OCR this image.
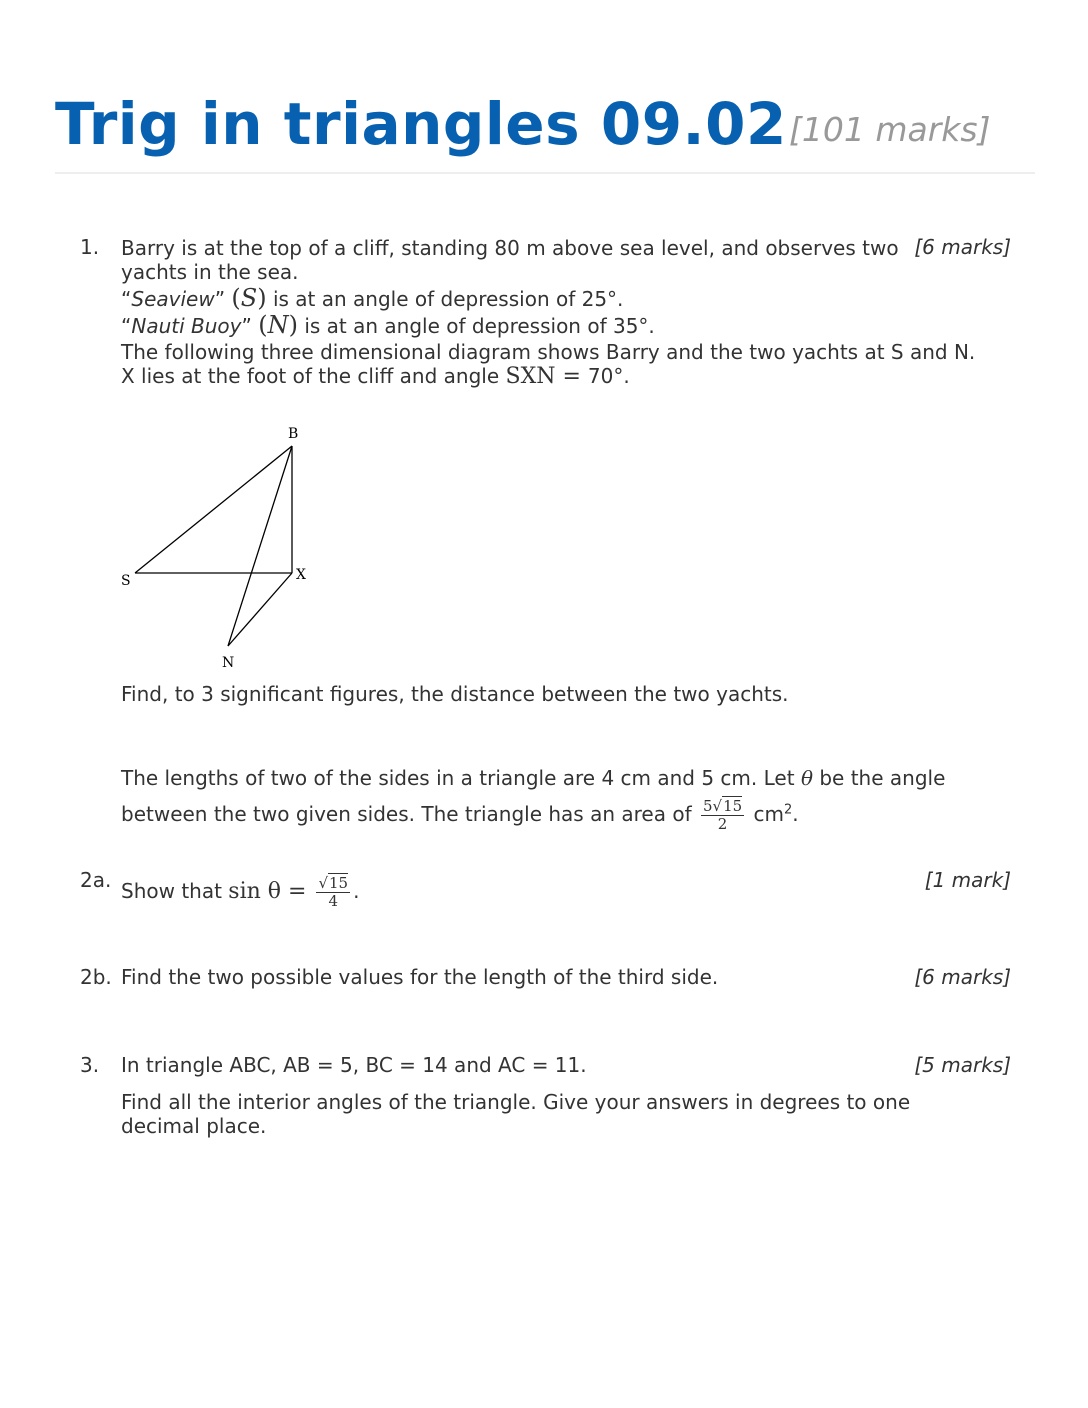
Trig in triangles 09.02 [101 marks]
1. Barry is at the top of a cliff, standing 80 m above sea level, and observes two yachts in the sea.

“Seaview” (S) is at an angle of depression of 25°.

“Nauti Buoy” (N) is at an angle of depression of 35°.

The following three dimensional diagram shows Barry and the two yachts at S and N.

X lies at the foot of the cliff and angle SXN = 70°.

[6 marks]
B
S	X
N
Find, to 3 significant figures, the distance between the two yachts.
The lengths of two of the sides in a triangle are 4 cm and 5 cm. Let θ be the angle between the two given sides. The triangle has an area of $\frac{5√15}{2} cm^2$.
2a. Show that $\sin \theta = \frac{√15}{4}$ .	[1 mark]
2b. Find the two possible values for the length of the third side.	[6 marks]
3. In triangle ABC, AB = 5, BC = 14 and AC = 11.	[5 marks]
Find all the interior angles of the triangle. Give your answers in degrees to one decimal place.
